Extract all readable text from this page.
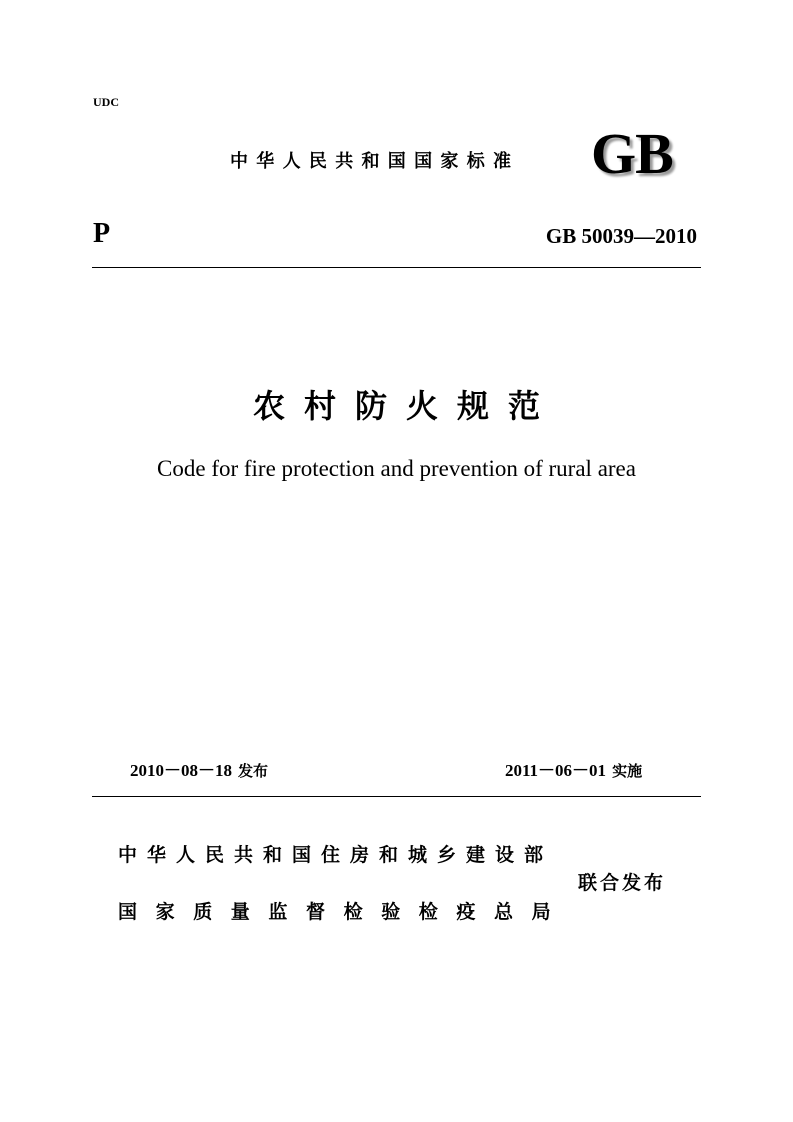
UDC
中华人民共和国国家标准 GB
P	GB 50039—2010
农村防火规范
Code for fire protection and prevention of rural area
2010－08－18 发布	2011－06－01 实施
中华人民共和国住房和城乡建设部
联合发布
国家质量监督检验检疫总局
